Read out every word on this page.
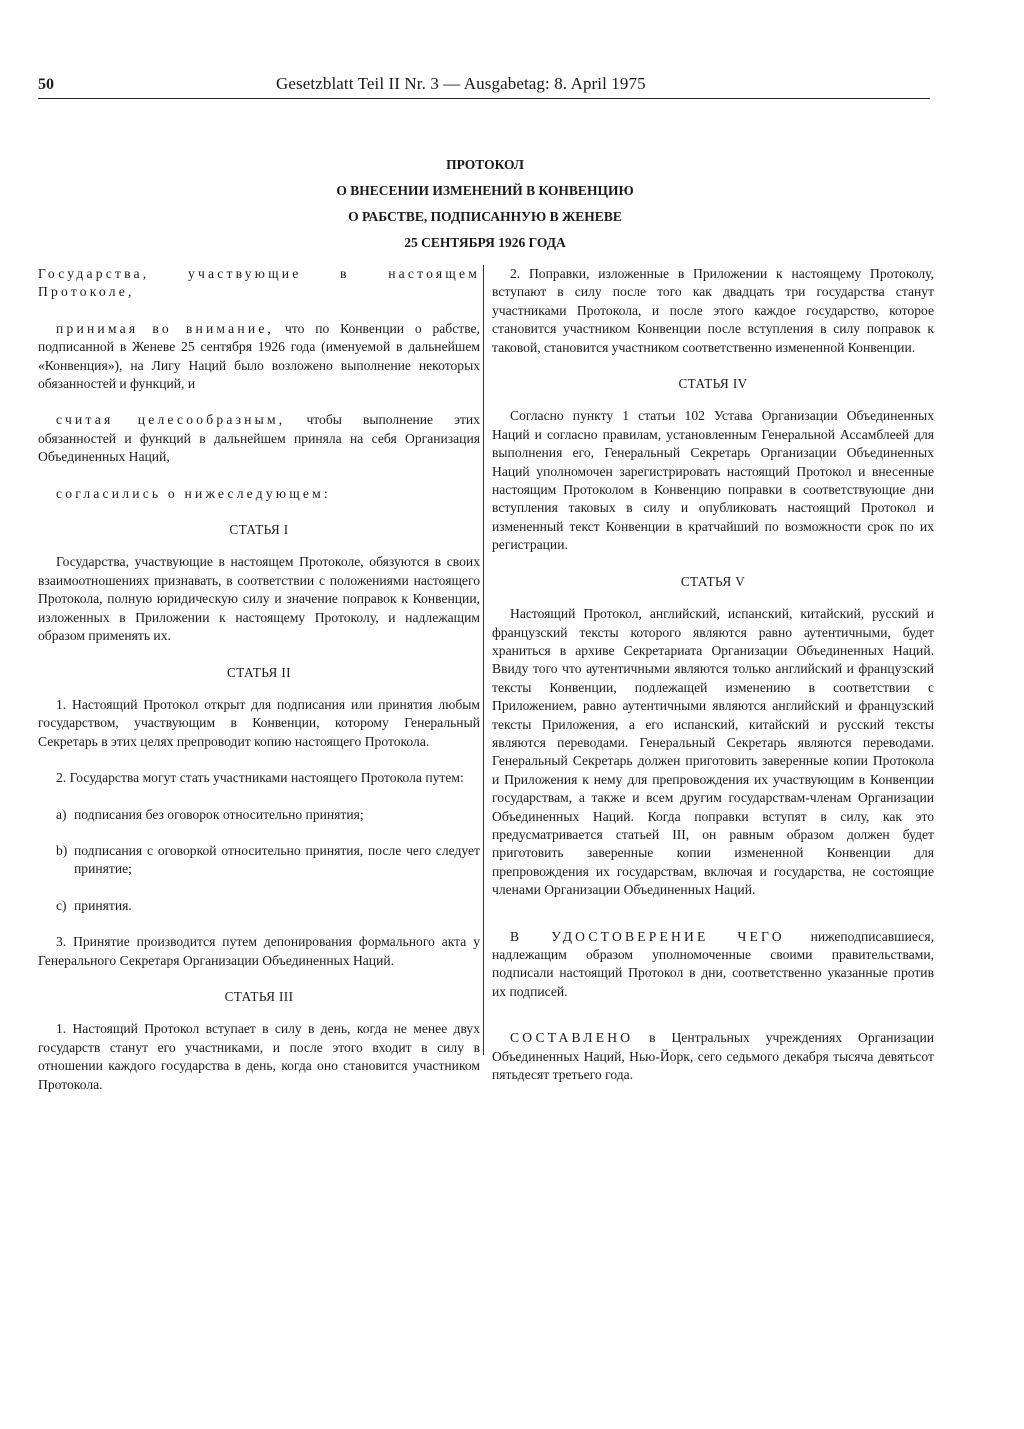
50	Gesetzblatt Teil II Nr. 3 — Ausgabetag: 8. April 1975
ПРОТОКОЛ
О ВНЕСЕНИИ ИЗМЕНЕНИЙ В КОНВЕНЦИЮ
О РАБСТВЕ, ПОДПИСАННУЮ В ЖЕНЕВЕ
25 СЕНТЯБРЯ 1926 ГОДА

Государства, участвующие в настоящем Протоколе,

принимая во внимание, что по Конвенции о рабстве, подписанной в Женеве 25 сентября 1926 года (именуемой в дальнейшем «Конвенция»), на Лигу Наций было возложено выполнение некоторых обязанностей и функций, и

считая целесообразным, чтобы выполнение этих обязанностей и функций в дальнейшем приняла на себя Организация Объединенных Наций,

согласились о нижеследующем:

СТАТЬЯ I

Государства, участвующие в настоящем Протоколе, обязуются в своих взаимоотношениях признавать, в соответствии с положениями настоящего Протокола, полную юридическую силу и значение поправок к Конвенции, изложенных в Приложении к настоящему Протоколу, и надлежащим образом применять их.

СТАТЬЯ II

1. Настоящий Протокол открыт для подписания или принятия любым государством, участвующим в Конвенции, которому Генеральный Секретарь в этих целях препроводит копию настоящего Протокола.

2. Государства могут стать участниками настоящего Протокола путем:

a) подписания без оговорок относительно принятия;

b) подписания с оговоркой относительно принятия, после чего следует принятие;

c) принятия.

3. Принятие производится путем депонирования формального акта у Генерального Секретаря Организации Объединенных Наций.

СТАТЬЯ III

1. Настоящий Протокол вступает в силу в день, когда не менее двух государств станут его участниками, и после этого входит в силу в отношении каждого государства в день, когда оно становится участником Протокола.

2. Поправки, изложенные в Приложении к настоящему Протоколу, вступают в силу после того как двадцать три государства станут участниками Протокола, и после этого каждое государство, которое становится участником Конвенции после вступления в силу поправок к таковой, становится участником соответственно измененной Конвенции.

СТАТЬЯ IV

Согласно пункту 1 статьи 102 Устава Организации Объединенных Наций и согласно правилам, установленным Генеральной Ассамблеей для выполнения его, Генеральный Секретарь Организации Объединенных Наций уполномочен зарегистрировать настоящий Протокол и внесенные настоящим Протоколом в Конвенцию поправки в соответствующие дни вступления таковых в силу и опубликовать настоящий Протокол и измененный текст Конвенции в кратчайший по возможности срок по их регистрации.

СТАТЬЯ V

Настоящий Протокол, английский, испанский, китайский, русский и французский тексты которого являются равно аутентичными, будет храниться в архиве Секретариата Организации Объединенных Наций. Ввиду того что аутентичными являются только английский и французский тексты Конвенции, подлежащей изменению в соответствии с Приложением, равно аутентичными являются английский и французский тексты Приложения, а его испанский, китайский и русский тексты являются переводами. Генеральный Секретарь являются переводами. Генеральный Секретарь должен приготовить заверенные копии Протокола и Приложения к нему для препровождения их участвующим в Конвенции государствам, а также и всем другим государствам-членам Организации Объединенных Наций. Когда поправки вступят в силу, как это предусматривается статьей III, он равным образом должен будет приготовить заверенные копии измененной Конвенции для препровождения их государствам, включая и государства, не состоящие членами Организации Объединенных Наций.

В УДОСТОВЕРЕНИЕ ЧЕГО нижеподписавшиеся, надлежащим образом уполномоченные своими правительствами, подписали настоящий Протокол в дни, соответственно указанные против их подписей.

СОСТАВЛЕНО в Центральных учреждениях Организации Объединенных Наций, Нью-Йорк, сего седьмого декабря тысяча девятьсот пятьдесят третьего года.
